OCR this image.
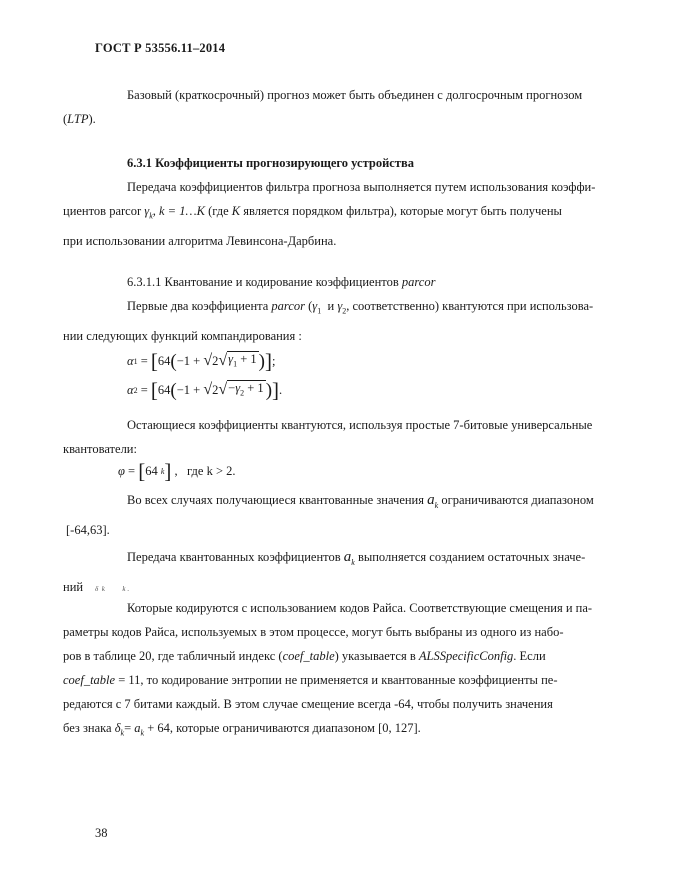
ГОСТ Р 53556.11–2014
Базовый (краткосрочный) прогноз может быть объединен с долгосрочным прогнозом
(LTP).
6.3.1 Коэффициенты прогнозирующего устройства
Передача коэффициентов фильтра прогноза выполняется путем использования коэффи-
циентов parcor $\gamma_k$, k = 1…K (где K является порядком фильтра), которые могут быть получены
при использовании алгоритма Левинсона-Дарбина.
6.3.1.1 Квантование и кодирование коэффициентов parcor
Первые два коэффициента parcor ($\gamma_1$  и $\gamma_2$, соответственно) квантуются при использова-
нии следующих функций компандирования :
α 1 = [ 64 ( −1 +
√ 2 √ $\gamma_1 + 1$ ) ] ;
α 2 = [ 64 ( −1 +
√ 2 √ $-\gamma_2 + 1$ ) ] .
Остающиеся коэффициенты квантуются, используя простые 7-битовые универсальные
квантователи:
φ = [ 64
k ] , где k > 2.
Во всех случаях получающиеся квантованные значения $a_k$ ограничиваются диапазоном
[-64,63].
Передача квантованных коэффициентов $a_k$ выполняется созданием остаточных значе-
ний δ k	k .
Которые кодируются с использованием кодов Райса. Соответствующие смещения и па-
раметры кодов Райса, используемых в этом процессе, могут быть выбраны из одного из набо-
ров в таблице 20, где табличный индекс (coef_table) указывается в ALSSpecificConfig. Если
coef_table = 11, то кодирование энтропии не применяется и квантованные коэффициенты пе-
редаются с 7 битами каждый. В этом случае смещение всегда -64, чтобы получить значения
без знака $\delta_k= a_k + 64$, которые ограничиваются диапазоном [0, 127].
38
